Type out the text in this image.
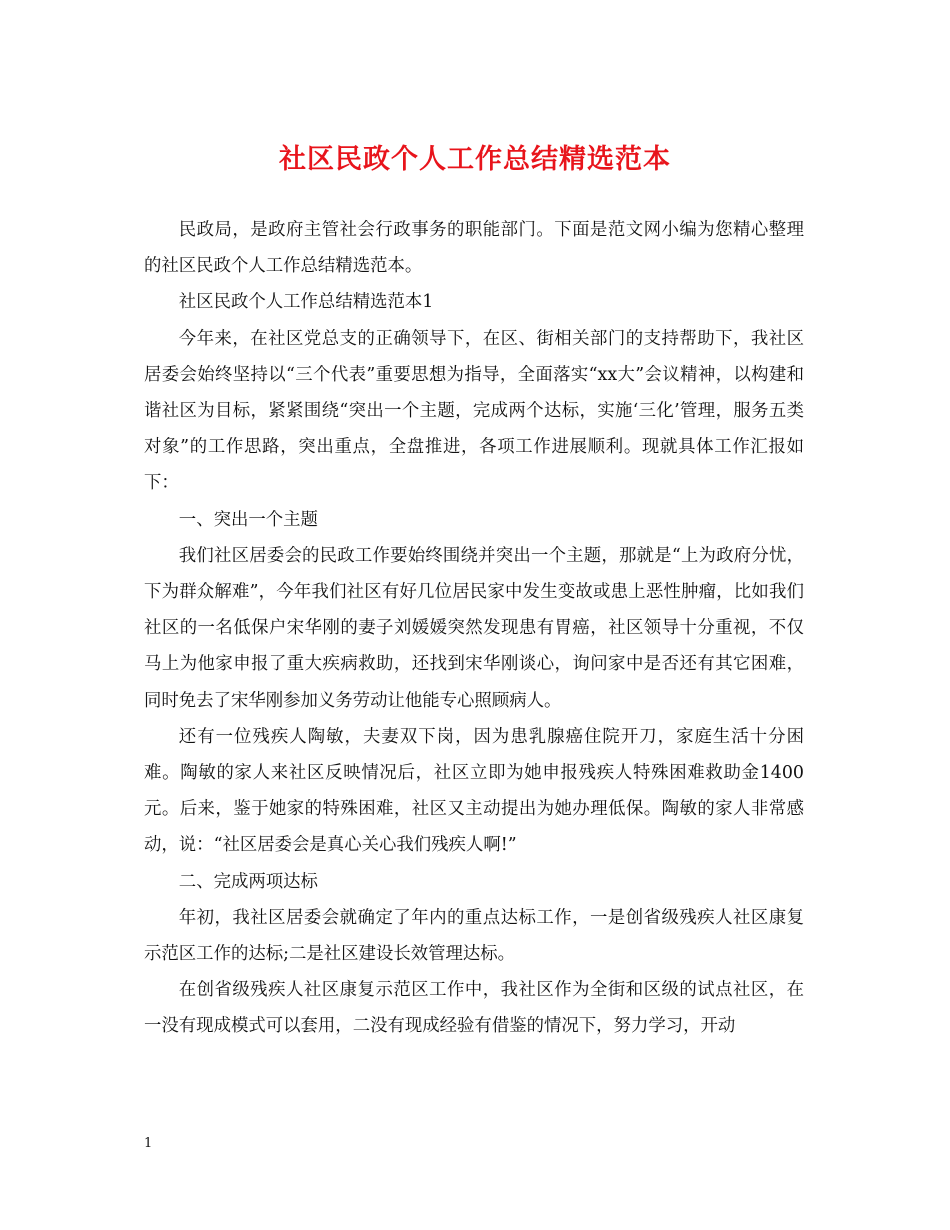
社区民政个人工作总结精选范本

民政局，是政府主管社会行政事务的职能部门。下面是范文网小编为您精心整理的社区民政个人工作总结精选范本。

社区民政个人工作总结精选范本1

今年来，在社区党总支的正确领导下，在区、街相关部门的支持帮助下，我社区居委会始终坚持以“三个代表”重要思想为指导，全面落实“xx大”会议精神，以构建和谐社区为目标，紧紧围绕“突出一个主题，完成两个达标，实施‘三化’管理，服务五类对象”的工作思路，突出重点，全盘推进，各项工作进展顺利。现就具体工作汇报如下：

一、突出一个主题

我们社区居委会的民政工作要始终围绕并突出一个主题，那就是“上为政府分忧，下为群众解难”，今年我们社区有好几位居民家中发生变故或患上恶性肿瘤，比如我们社区的一名低保户宋华刚的妻子刘媛媛突然发现患有胃癌，社区领导十分重视，不仅马上为他家申报了重大疾病救助，还找到宋华刚谈心，询问家中是否还有其它困难，同时免去了宋华刚参加义务劳动让他能专心照顾病人。

还有一位残疾人陶敏，夫妻双下岗，因为患乳腺癌住院开刀，家庭生活十分困难。陶敏的家人来社区反映情况后，社区立即为她申报残疾人特殊困难救助金1400元。后来，鉴于她家的特殊困难，社区又主动提出为她办理低保。陶敏的家人非常感动，说：“社区居委会是真心关心我们残疾人啊!”

二、完成两项达标

年初，我社区居委会就确定了年内的重点达标工作，一是创省级残疾人社区康复示范区工作的达标;二是社区建设长效管理达标。

在创省级残疾人社区康复示范区工作中，我社区作为全街和区级的试点社区，在一没有现成模式可以套用，二没有现成经验有借鉴的情况下，努力学习，开动

1
